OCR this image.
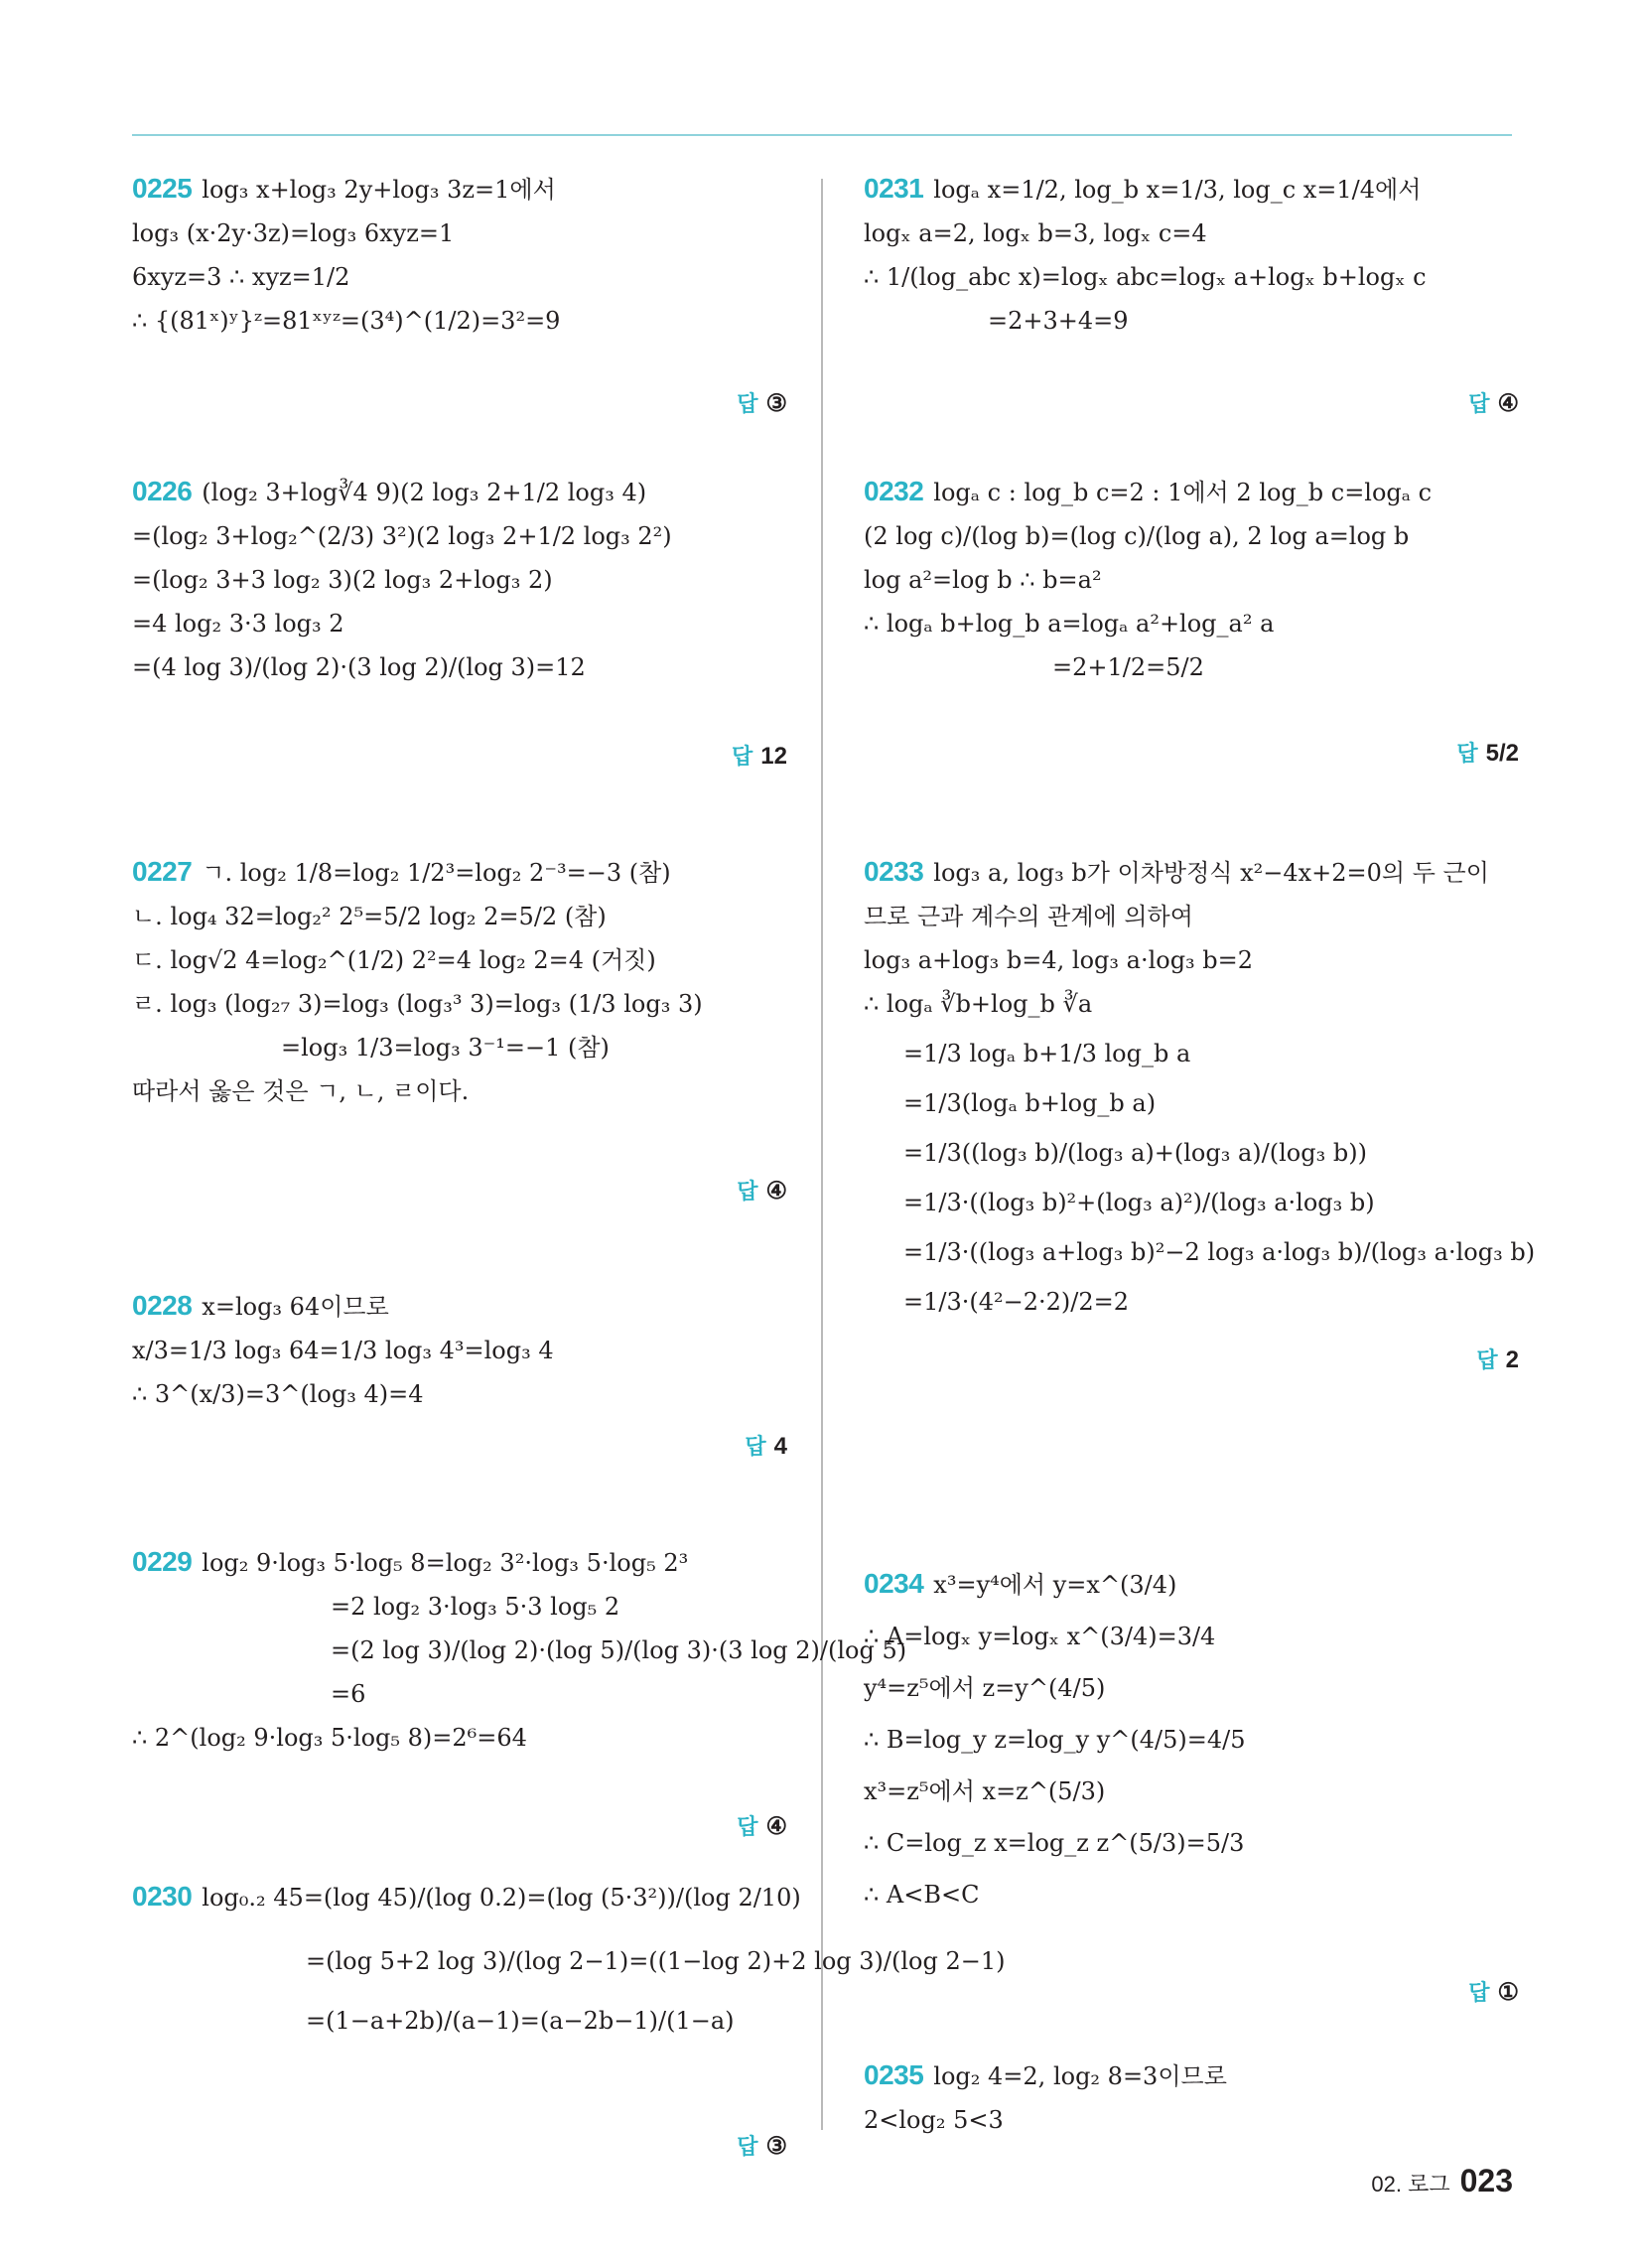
0225 log₃ x+log₃ 2y+log₃ 3z=1에서
log₃ (x·2y·3z)=log₃ 6xyz=1
6xyz=3 ∴ xyz=1/2
∴ {(81ˣ)ʸ}ᶻ=81ˣʸᶻ=(3⁴)^(1/2)=3²=9
답 ③
0226 (log₂ 3+log∛4 9)(2 log₃ 2+1/2 log₃ 4)
=(log₂ 3+log₂^(2/3) 3²)(2 log₃ 2+1/2 log₃ 2²)
=(log₂ 3+3 log₂ 3)(2 log₃ 2+log₃ 2)
=4 log₂ 3·3 log₃ 2
=(4 log 3)/(log 2)·(3 log 2)/(log 3)=12
답 12
0227 ㄱ. log₂ 1/8=log₂ 1/2³=log₂ 2⁻³=−3 (참)
ㄴ. log₄ 32=log₂² 2⁵=5/2 log₂ 2=5/2 (참)
ㄷ. log√2 4=log₂^(1/2) 2²=4 log₂ 2=4 (거짓)
ㄹ. log₃ (log₂₇ 3)=log₃ (log₃³ 3)=log₃ (1/3 log₃ 3)
=log₃ 1/3=log₃ 3⁻¹=−1 (참)
따라서 옳은 것은 ㄱ, ㄴ, ㄹ이다.
답 ④
0228 x=log₃ 64이므로
x/3=1/3 log₃ 64=1/3 log₃ 4³=log₃ 4
∴ 3^(x/3)=3^(log₃ 4)=4
답 4
0229 log₂ 9·log₃ 5·log₅ 8=log₂ 3²·log₃ 5·log₅ 2³
=2 log₂ 3·log₃ 5·3 log₅ 2
=(2 log 3)/(log 2)·(log 5)/(log 3)·(3 log 2)/(log 5)
=6
∴ 2^(log₂ 9·log₃ 5·log₅ 8)=2⁶=64
답 ④
0230 log₀.₂ 45=(log 45)/(log 0.2)=(log (5·3²))/(log 2/10)
=(log 5+2 log 3)/(log 2−1)=((1−log 2)+2 log 3)/(log 2−1)
=(1−a+2b)/(a−1)=(a−2b−1)/(1−a)
답 ③
0231 logₐ x=1/2, log_b x=1/3, log_c x=1/4에서
logₓ a=2, logₓ b=3, logₓ c=4
∴ 1/(log_abc x)=logₓ abc=logₓ a+logₓ b+logₓ c
=2+3+4=9
답 ④
0232 logₐ c : log_b c=2 : 1에서 2 log_b c=logₐ c
(2 log c)/(log b)=(log c)/(log a), 2 log a=log b
log a²=log b ∴ b=a²
∴ logₐ b+log_b a=logₐ a²+log_a² a
=2+1/2=5/2
답 5/2
0233 log₃ a, log₃ b가 이차방정식 x²−4x+2=0의 두 근이
므로 근과 계수의 관계에 의하여
log₃ a+log₃ b=4, log₃ a·log₃ b=2
∴ logₐ ∛b+log_b ∛a
=1/3 logₐ b+1/3 log_b a
=1/3(logₐ b+log_b a)
=1/3((log₃ b)/(log₃ a)+(log₃ a)/(log₃ b))
=1/3·((log₃ b)²+(log₃ a)²)/(log₃ a·log₃ b)
=1/3·((log₃ a+log₃ b)²−2 log₃ a·log₃ b)/(log₃ a·log₃ b)
=1/3·(4²−2·2)/2=2
답 2
0234 x³=y⁴에서 y=x^(3/4)
∴ A=logₓ y=logₓ x^(3/4)=3/4
y⁴=z⁵에서 z=y^(4/5)
∴ B=log_y z=log_y y^(4/5)=4/5
x³=z⁵에서 x=z^(5/3)
∴ C=log_z x=log_z z^(5/3)=5/3
∴ A<B<C
답 ①
0235 log₂ 4=2, log₂ 8=3이므로
2<log₂ 5<3
02. 로그 023
